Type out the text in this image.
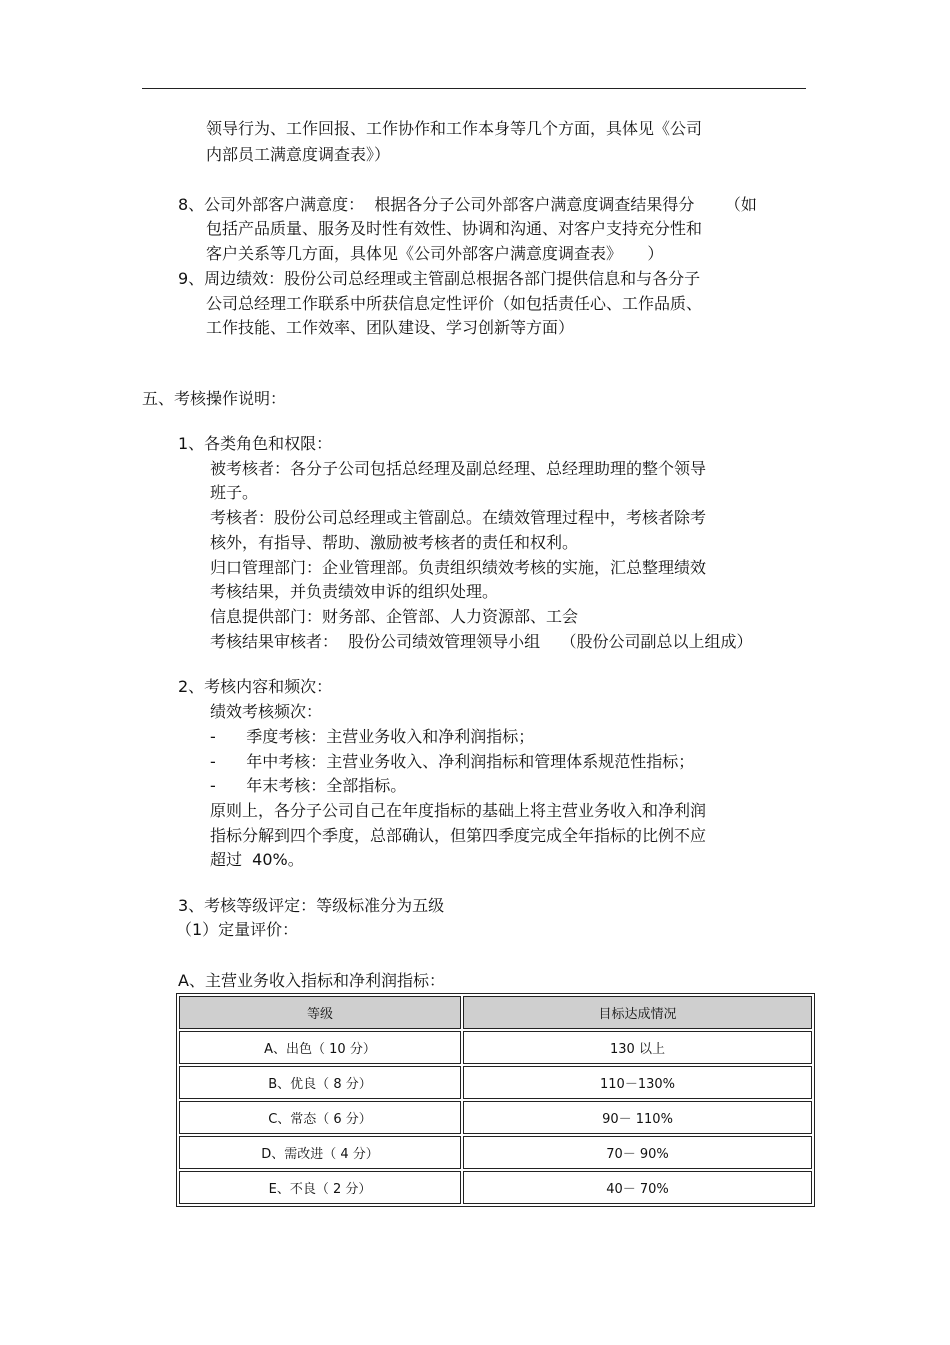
领导行为、工作回报、工作协作和工作本身等几个方面，具体见《公司
内部员工满意度调查表》）
8、公司外部客户满意度：  根据各分子公司外部客户满意度调查结果得分      （如
包括产品质量、服务及时性有效性、协调和沟通、对客户支持充分性和
客户关系等几方面，具体见《公司外部客户满意度调查表》     ）
9、周边绩效：股份公司总经理或主管副总根据各部门提供信息和与各分子
公司总经理工作联系中所获信息定性评价（如包括责任心、工作品质、
工作技能、工作效率、团队建设、学习创新等方面）
五、考核操作说明：
1、各类角色和权限：
被考核者：各分子公司包括总经理及副总经理、总经理助理的整个领导
班子。
考核者：股份公司总经理或主管副总。在绩效管理过程中，考核者除考
核外，有指导、帮助、激励被考核者的责任和权利。
归口管理部门：企业管理部。负责组织绩效考核的实施，汇总整理绩效
考核结果，并负责绩效申诉的组织处理。
信息提供部门：财务部、企管部、人力资源部、工会
考核结果审核者：  股份公司绩效管理领导小组    （股份公司副总以上组成）
2、考核内容和频次：
绩效考核频次：
-      季度考核：主营业务收入和净利润指标；
-      年中考核：主营业务收入、净利润指标和管理体系规范性指标；
-      年末考核：全部指标。
原则上，各分子公司自己在年度指标的基础上将主营业务收入和净利润
指标分解到四个季度，总部确认，但第四季度完成全年指标的比例不应
超过  40%。
3、考核等级评定：等级标准分为五级
（1）定量评价：
A、主营业务收入指标和净利润指标：
等级	目标达成情况
A、出色（ 10 分）	130 以上
B、优良（ 8 分）	110－130%
C、常态（ 6 分）	90－ 110%
D、需改进（ 4 分）	70－ 90%
E、不良（ 2 分）	40－ 70%
